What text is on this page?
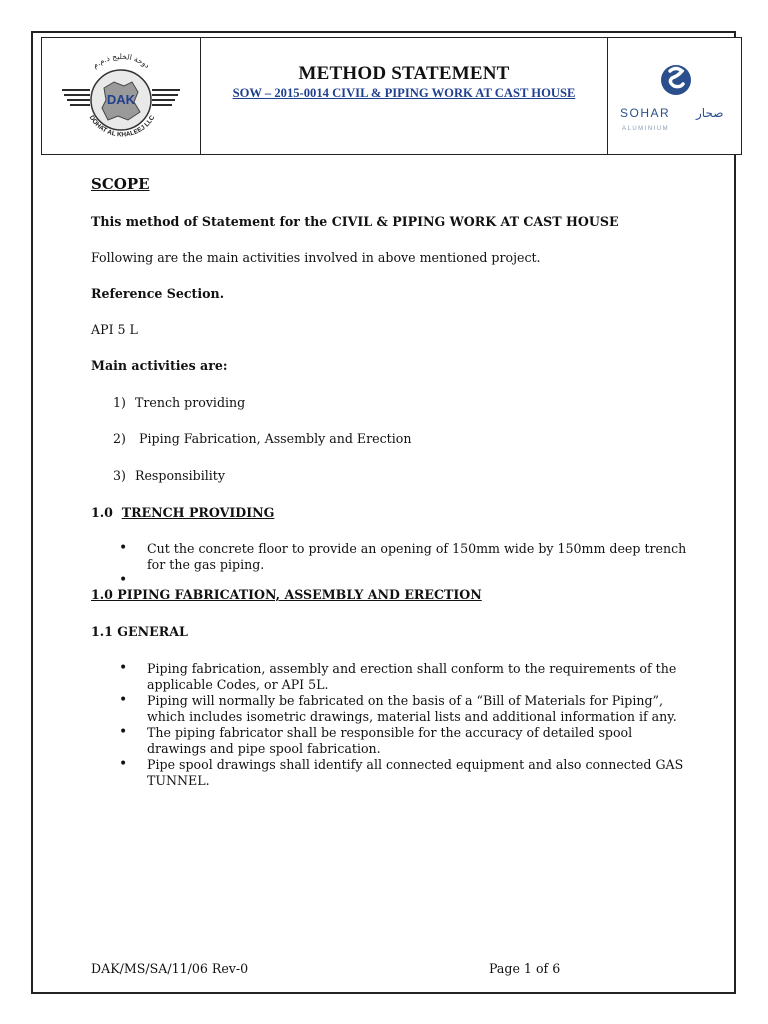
DAK
دوحة الخليج ذ.م.م
DOHAT AL KHALEEJ LLC
METHOD STATEMENT
SOW – 2015-0014 CIVIL & PIPING WORK AT CAST HOUSE
SOHAR صحار
ALUMINIUM

SCOPE

This method of Statement for the CIVIL & PIPING WORK AT CAST HOUSE

Following are the main activities involved in above mentioned project.

Reference Section.

API 5 L

Main activities are:

1) Trench providing
2) Piping Fabrication, Assembly and Erection
3) Responsibility

1.0 TRENCH PROVIDING

• Cut the concrete floor to provide an opening of 150mm wide by 150mm deep trench for the gas piping.
•

1.0 PIPING FABRICATION, ASSEMBLY AND ERECTION

1.1 GENERAL

• Piping fabrication, assembly and erection shall conform to the requirements of the applicable Codes, or API 5L.
• Piping will normally be fabricated on the basis of a “Bill of Materials for Piping”, which includes isometric drawings, material lists and additional information if any.
• The piping fabricator shall be responsible for the accuracy of detailed spool drawings and pipe spool fabrication.
• Pipe spool drawings shall identify all connected equipment and also connected GAS TUNNEL.
DAK/MS/SA/11/06 Rev-0	Page 1 of 6
